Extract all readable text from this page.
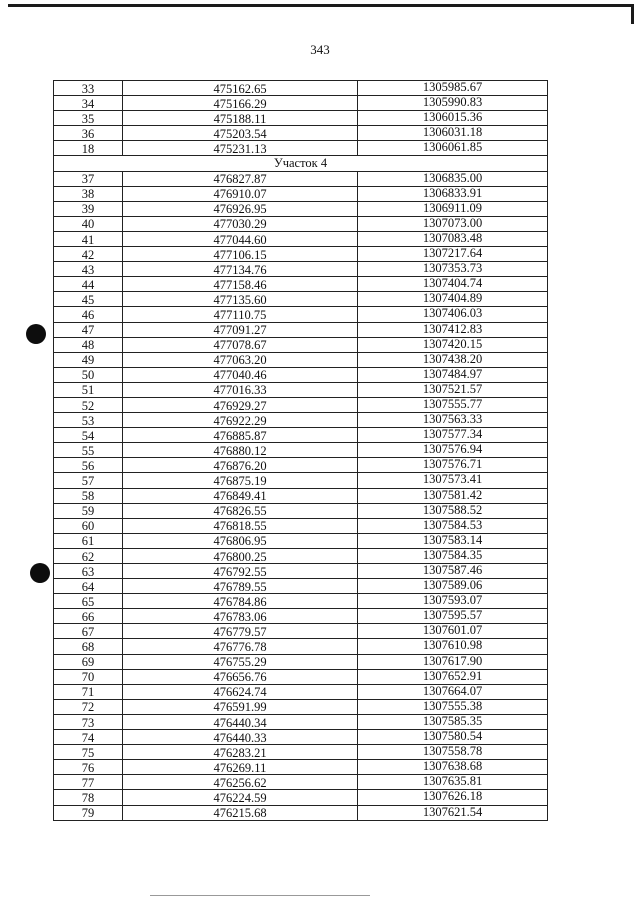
343
33	475162.65	1305985.67
34	475166.29	1305990.83
35	475188.11	1306015.36
36	475203.54	1306031.18
18	475231.13	1306061.85
Участок 4		
37	476827.87	1306835.00
38	476910.07	1306833.91
39	476926.95	1306911.09
40	477030.29	1307073.00
41	477044.60	1307083.48
42	477106.15	1307217.64
43	477134.76	1307353.73
44	477158.46	1307404.74
45	477135.60	1307404.89
46	477110.75	1307406.03
47	477091.27	1307412.83
48	477078.67	1307420.15
49	477063.20	1307438.20
50	477040.46	1307484.97
51	477016.33	1307521.57
52	476929.27	1307555.77
53	476922.29	1307563.33
54	476885.87	1307577.34
55	476880.12	1307576.94
56	476876.20	1307576.71
57	476875.19	1307573.41
58	476849.41	1307581.42
59	476826.55	1307588.52
60	476818.55	1307584.53
61	476806.95	1307583.14
62	476800.25	1307584.35
63	476792.55	1307587.46
64	476789.55	1307589.06
65	476784.86	1307593.07
66	476783.06	1307595.57
67	476779.57	1307601.07
68	476776.78	1307610.98
69	476755.29	1307617.90
70	476656.76	1307652.91
71	476624.74	1307664.07
72	476591.99	1307555.38
73	476440.34	1307585.35
74	476440.33	1307580.54
75	476283.21	1307558.78
76	476269.11	1307638.68
77	476256.62	1307635.81
78	476224.59	1307626.18
79	476215.68	1307621.54
